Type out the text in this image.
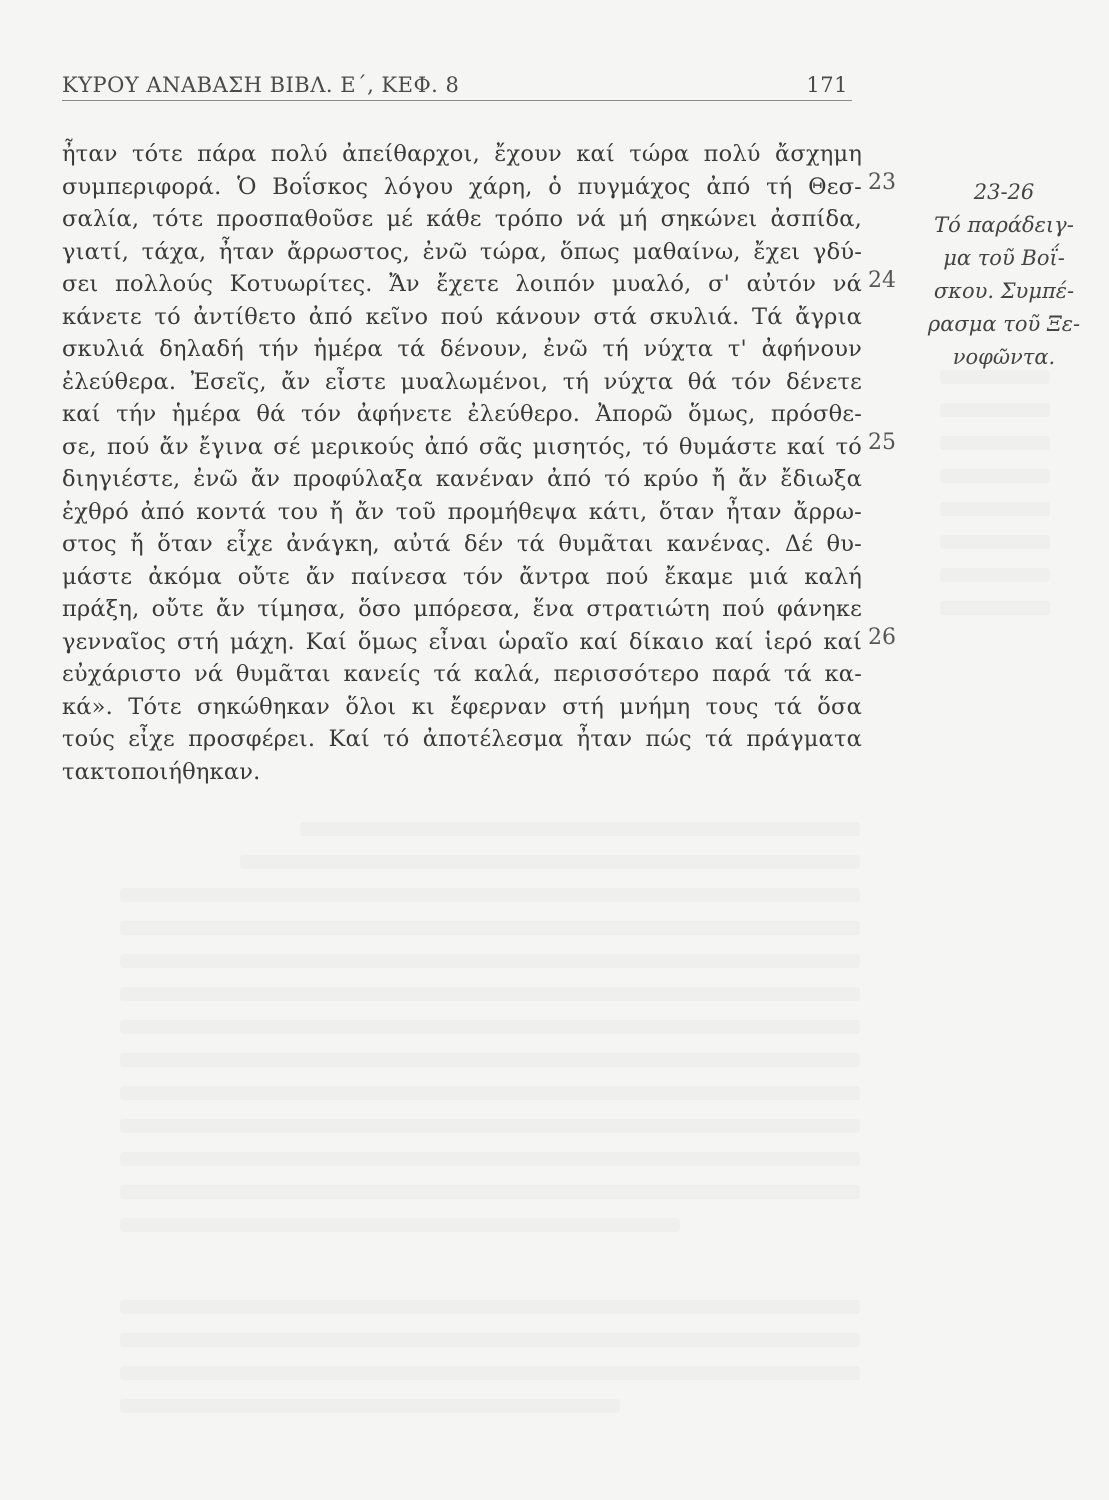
ΚΥΡΟΥ ΑΝΑΒΑΣΗ ΒΙΒΛ. Ε΄, ΚΕΦ. 8	171
ἦταν τότε πάρα πολύ ἀπείθαρχοι, ἔχουν καί τώρα πολύ ἄσχημη
συμπεριφορά. Ὁ Βοΐσκος λόγου χάρη, ὁ πυγμάχος ἀπό τή Θεσ-
σαλία, τότε προσπαθοῦσε μέ κάθε τρόπο νά μή σηκώνει ἀσπίδα,
γιατί, τάχα, ἦταν ἄρρωστος, ἐνῶ τώρα, ὅπως μαθαίνω, ἔχει γδύ-
σει πολλούς Κοτυωρίτες. Ἄν ἔχετε λοιπόν μυαλό, σ' αὐτόν νά
κάνετε τό ἀντίθετο ἀπό κεῖνο πού κάνουν στά σκυλιά. Τά ἄγρια
σκυλιά δηλαδή τήν ἡμέρα τά δένουν, ἐνῶ τή νύχτα τ' ἀφήνουν
ἐλεύθερα. Ἐσεῖς, ἄν εἶστε μυαλωμένοι, τή νύχτα θά τόν δένετε
καί τήν ἡμέρα θά τόν ἀφήνετε ἐλεύθερο. Ἀπορῶ ὅμως, πρόσθε-
σε, πού ἄν ἔγινα σέ μερικούς ἀπό σᾶς μισητός, τό θυμάστε καί τό
διηγιέστε, ἐνῶ ἄν προφύλαξα κανέναν ἀπό τό κρύο ἤ ἄν ἔδιωξα
ἐχθρό ἀπό κοντά του ἤ ἄν τοῦ προμήθεψα κάτι, ὅταν ἦταν ἄρρω-
στος ἤ ὅταν εἶχε ἀνάγκη, αὐτά δέν τά θυμᾶται κανένας. Δέ θυ-
μάστε ἀκόμα οὔτε ἄν παίνεσα τόν ἄντρα πού ἔκαμε μιά καλή
πράξη, οὔτε ἄν τίμησα, ὅσο μπόρεσα, ἕνα στρατιώτη πού φάνηκε
γενναῖος στή μάχη. Καί ὅμως εἶναι ὡραῖο καί δίκαιο καί ἱερό καί
εὐχάριστο νά θυμᾶται κανείς τά καλά, περισσότερο παρά τά κα-
κά». Τότε σηκώθηκαν ὅλοι κι ἔφερναν στή μνήμη τους τά ὅσα
τούς εἶχε προσφέρει. Καί τό ἀποτέλεσμα ἦταν πώς τά πράγματα
τακτοποιήθηκαν.
23
24
25
26
23-26
Τό παράδειγ-
μα τοῦ Βοΐ-
σκου. Συμπέ-
ρασμα τοῦ Ξε-
νοφῶντα.
